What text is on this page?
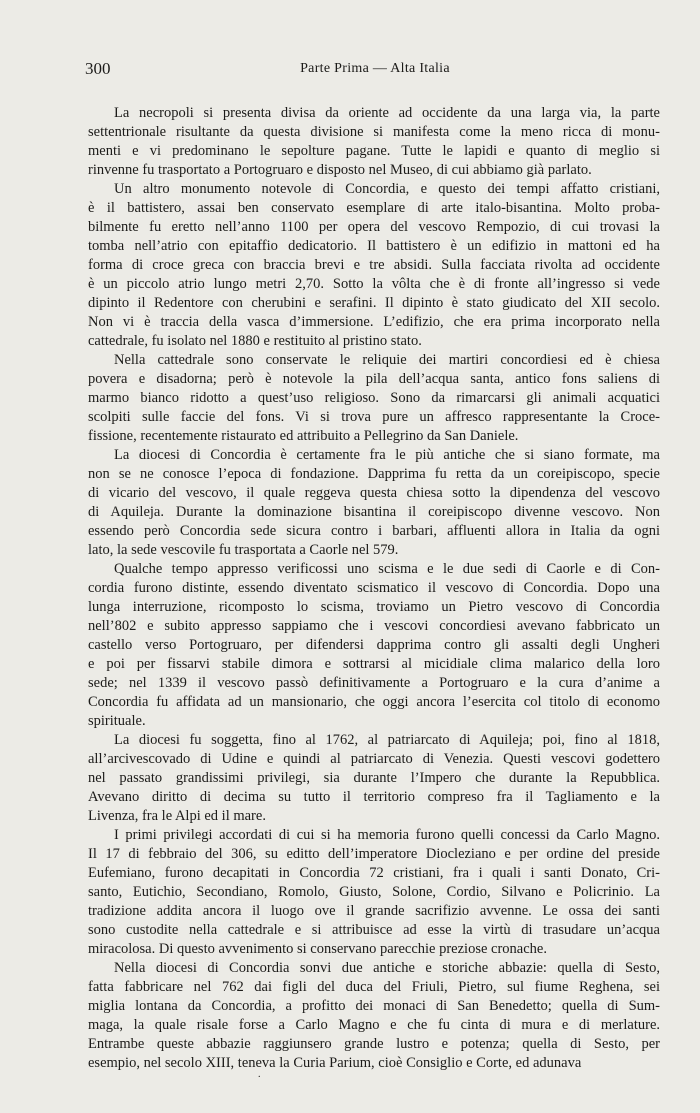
300	Parte Prima — Alta Italia

La necropoli si presenta divisa da oriente ad occidente da una larga via, la parte
settentrionale risultante da questa divisione si manifesta come la meno ricca di monu-
menti e vi predominano le sepolture pagane. Tutte le lapidi e quanto di meglio si
rinvenne fu trasportato a Portogruaro e disposto nel Museo, di cui abbiamo già parlato.

Un altro monumento notevole di Concordia, e questo dei tempi affatto cristiani,
è il battistero, assai ben conservato esemplare di arte italo-bisantina. Molto proba-
bilmente fu eretto nell’anno 1100 per opera del vescovo Rempozio, di cui trovasi la
tomba nell’atrio con epitaffio dedicatorio. Il battistero è un edifizio in mattoni ed ha
forma di croce greca con braccia brevi e tre absidi. Sulla facciata rivolta ad occidente
è un piccolo atrio lungo metri 2,70. Sotto la vôlta che è di fronte all’ingresso si vede
dipinto il Redentore con cherubini e serafini. Il dipinto è stato giudicato del XII secolo.
Non vi è traccia della vasca d’immersione. L’edifizio, che era prima incorporato nella
cattedrale, fu isolato nel 1880 e restituito al pristino stato.

Nella cattedrale sono conservate le reliquie dei martiri concordiesi ed è chiesa
povera e disadorna; però è notevole la pila dell’acqua santa, antico fons saliens di
marmo bianco ridotto a quest’uso religioso. Sono da rimarcarsi gli animali acquatici
scolpiti sulle faccie del fons. Vi si trova pure un affresco rappresentante la Croce-
fissione, recentemente ristaurato ed attribuito a Pellegrino da San Daniele.

La diocesi di Concordia è certamente fra le più antiche che si siano formate, ma
non se ne conosce l’epoca di fondazione. Dapprima fu retta da un coreipiscopo, specie
di vicario del vescovo, il quale reggeva questa chiesa sotto la dipendenza del vescovo
di Aquileja. Durante la dominazione bisantina il coreipiscopo divenne vescovo. Non
essendo però Concordia sede sicura contro i barbari, affluenti allora in Italia da ogni
lato, la sede vescovile fu trasportata a Caorle nel 579.

Qualche tempo appresso verificossi uno scisma e le due sedi di Caorle e di Con-
cordia furono distinte, essendo diventato scismatico il vescovo di Concordia. Dopo una
lunga interruzione, ricomposto lo scisma, troviamo un Pietro vescovo di Concordia
nell’802 e subito appresso sappiamo che i vescovi concordiesi avevano fabbricato un
castello verso Portogruaro, per difendersi dapprima contro gli assalti degli Ungheri
e poi per fissarvi stabile dimora e sottrarsi al micidiale clima malarico della loro
sede; nel 1339 il vescovo passò definitivamente a Portogruaro e la cura d’anime a
Concordia fu affidata ad un mansionario, che oggi ancora l’esercita col titolo di economo
spirituale.

La diocesi fu soggetta, fino al 1762, al patriarcato di Aquileja; poi, fino al 1818,
all’arcivescovado di Udine e quindi al patriarcato di Venezia. Questi vescovi godettero
nel passato grandissimi privilegi, sia durante l’Impero che durante la Repubblica.
Avevano diritto di decima su tutto il territorio compreso fra il Tagliamento e la
Livenza, fra le Alpi ed il mare.

I primi privilegi accordati di cui si ha memoria furono quelli concessi da Carlo Magno.
Il 17 di febbraio del 306, su editto dell’imperatore Diocleziano e per ordine del preside
Eufemiano, furono decapitati in Concordia 72 cristiani, fra i quali i santi Donato, Cri-
santo, Eutichio, Secondiano, Romolo, Giusto, Solone, Cordio, Silvano e Policrinio. La
tradizione addita ancora il luogo ove il grande sacrifizio avvenne. Le ossa dei santi
sono custodite nella cattedrale e si attribuisce ad esse la virtù di trasudare un’acqua
miracolosa. Di questo avvenimento si conservano parecchie preziose cronache.

Nella diocesi di Concordia sonvi due antiche e storiche abbazie: quella di Sesto,
fatta fabbricare nel 762 dai figli del duca del Friuli, Pietro, sul fiume Reghena, sei
miglia lontana da Concordia, a profitto dei monaci di San Benedetto; quella di Sum-
maga, la quale risale forse a Carlo Magno e che fu cinta di mura e di merlature.
Entrambe queste abbazie raggiunsero grande lustro e potenza; quella di Sesto, per
esempio, nel secolo XIII, teneva la Curia Parium, cioè Consiglio e Corte, ed adunava

.
